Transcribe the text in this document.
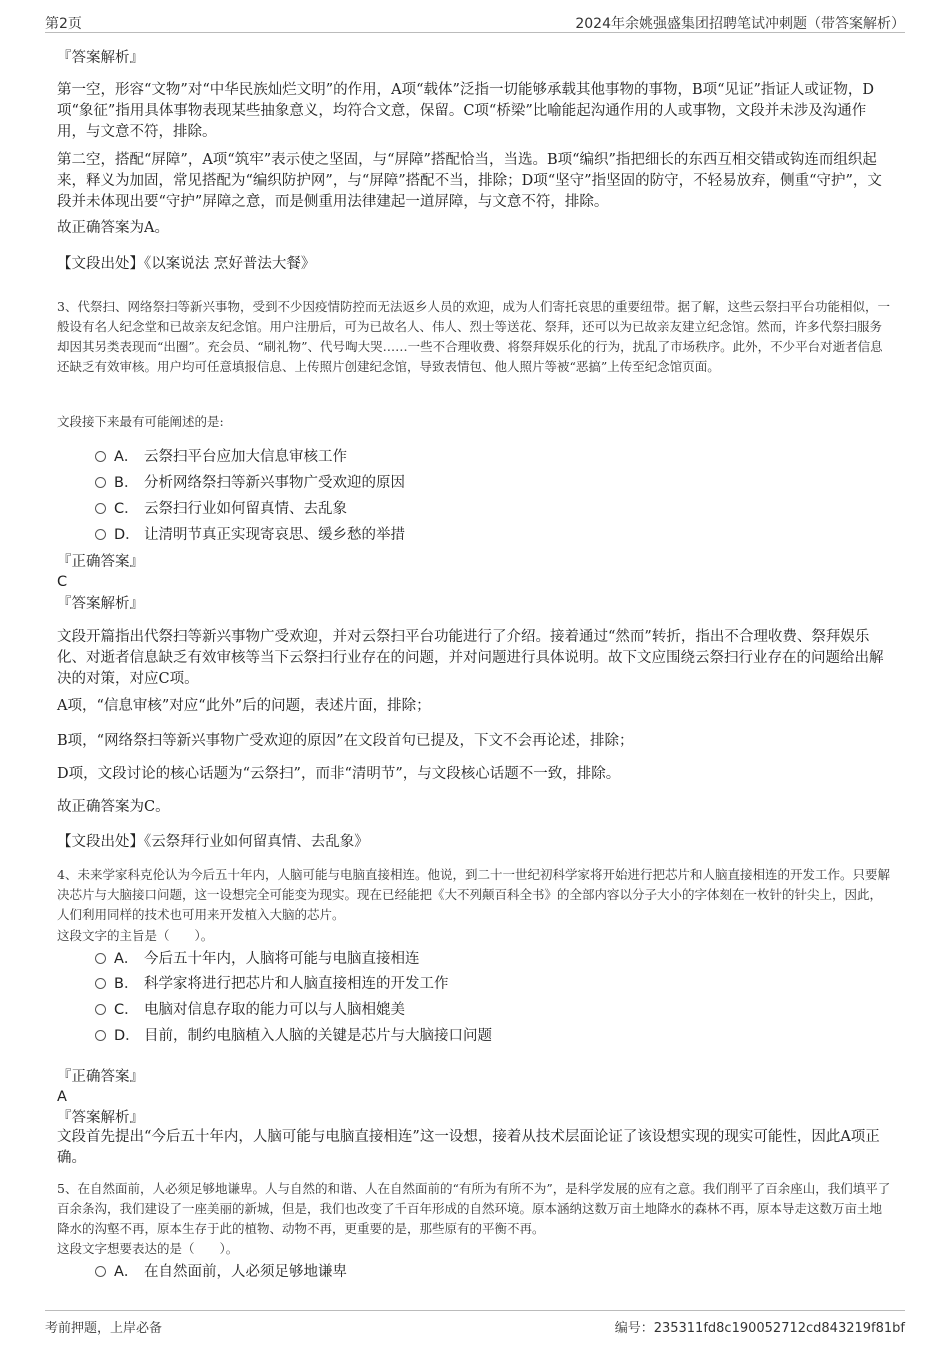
第2页	2024年余姚强盛集团招聘笔试冲刺题（带答案解析）
『答案解析』
第一空，形容“文物”对“中华民族灿烂文明”的作用，A项“载体”泛指一切能够承载其他事物的事物，B项“见证”指证人或证物，D项“象征”指用具体事物表现某些抽象意义，均符合文意，保留。C项“桥梁”比喻能起沟通作用的人或事物，文段并未涉及沟通作用，与文意不符，排除。
第二空，搭配“屏障”，A项“筑牢”表示使之坚固，与“屏障”搭配恰当，当选。B项“编织”指把细长的东西互相交错或钩连而组织起来，释义为加固，常见搭配为“编织防护网”，与“屏障”搭配不当，排除；D项“坚守”指坚固的防守，不轻易放弃，侧重“守护”，文段并未体现出要“守护”屏障之意，而是侧重用法律建起一道屏障，与文意不符，排除。
故正确答案为A。
【文段出处】《以案说法 烹好普法大餐》
3、代祭扫、网络祭扫等新兴事物，受到不少因疫情防控而无法返乡人员的欢迎，成为人们寄托哀思的重要纽带。据了解，这些云祭扫平台功能相似，一般设有名人纪念堂和已故亲友纪念馆。用户注册后，可为已故名人、伟人、烈士等送花、祭拜，还可以为已故亲友建立纪念馆。然而，许多代祭扫服务却因其另类表现而“出圈”。充会员、“刷礼物”、代号啕大哭……一些不合理收费、将祭拜娱乐化的行为，扰乱了市场秩序。此外，不少平台对逝者信息还缺乏有效审核。用户均可任意填报信息、上传照片创建纪念馆，导致表情包、他人照片等被“恶搞”上传至纪念馆页面。
文段接下来最有可能阐述的是:
A． 云祭扫平台应加大信息审核工作
B． 分析网络祭扫等新兴事物广受欢迎的原因
C． 云祭扫行业如何留真情、去乱象
D． 让清明节真正实现寄哀思、缓乡愁的举措
『正确答案』
C
『答案解析』
文段开篇指出代祭扫等新兴事物广受欢迎，并对云祭扫平台功能进行了介绍。接着通过“然而”转折，指出不合理收费、祭拜娱乐化、对逝者信息缺乏有效审核等当下云祭扫行业存在的问题，并对问题进行具体说明。故下文应围绕云祭扫行业存在的问题给出解决的对策，对应C项。
A项，“信息审核”对应“此外”后的问题，表述片面，排除；
B项，“网络祭扫等新兴事物广受欢迎的原因”在文段首句已提及，下文不会再论述，排除；
D项，文段讨论的核心话题为“云祭扫”，而非“清明节”，与文段核心话题不一致，排除。
故正确答案为C。
【文段出处】《云祭拜行业如何留真情、去乱象》
4、未来学家科克伦认为今后五十年内，人脑可能与电脑直接相连。他说，到二十一世纪初科学家将开始进行把芯片和人脑直接相连的开发工作。只要解决芯片与大脑接口问题，这一设想完全可能变为现实。现在已经能把《大不列颠百科全书》的全部内容以分子大小的字体刻在一枚针的针尖上，因此，人们利用同样的技术也可用来开发植入大脑的芯片。
这段文字的主旨是（　　）。
A． 今后五十年内，人脑将可能与电脑直接相连
B． 科学家将进行把芯片和人脑直接相连的开发工作
C． 电脑对信息存取的能力可以与人脑相媲美
D． 目前，制约电脑植入人脑的关键是芯片与大脑接口问题
『正确答案』
A
『答案解析』
文段首先提出“今后五十年内，人脑可能与电脑直接相连”这一设想，接着从技术层面论证了该设想实现的现实可能性，因此A项正确。
5、在自然面前，人必须足够地谦卑。人与自然的和谐、人在自然面前的“有所为有所不为”，是科学发展的应有之意。我们削平了百余座山，我们填平了百余条沟，我们建设了一座美丽的新城，但是，我们也改变了千百年形成的自然环境。原本涵纳这数万亩土地降水的森林不再，原本导走这数万亩土地降水的沟壑不再，原本生存于此的植物、动物不再，更重要的是，那些原有的平衡不再。
这段文字想要表达的是（　　）。
A． 在自然面前，人必须足够地谦卑
考前押题，上岸必备	编号：235311fd8c190052712cd843219f81bf
